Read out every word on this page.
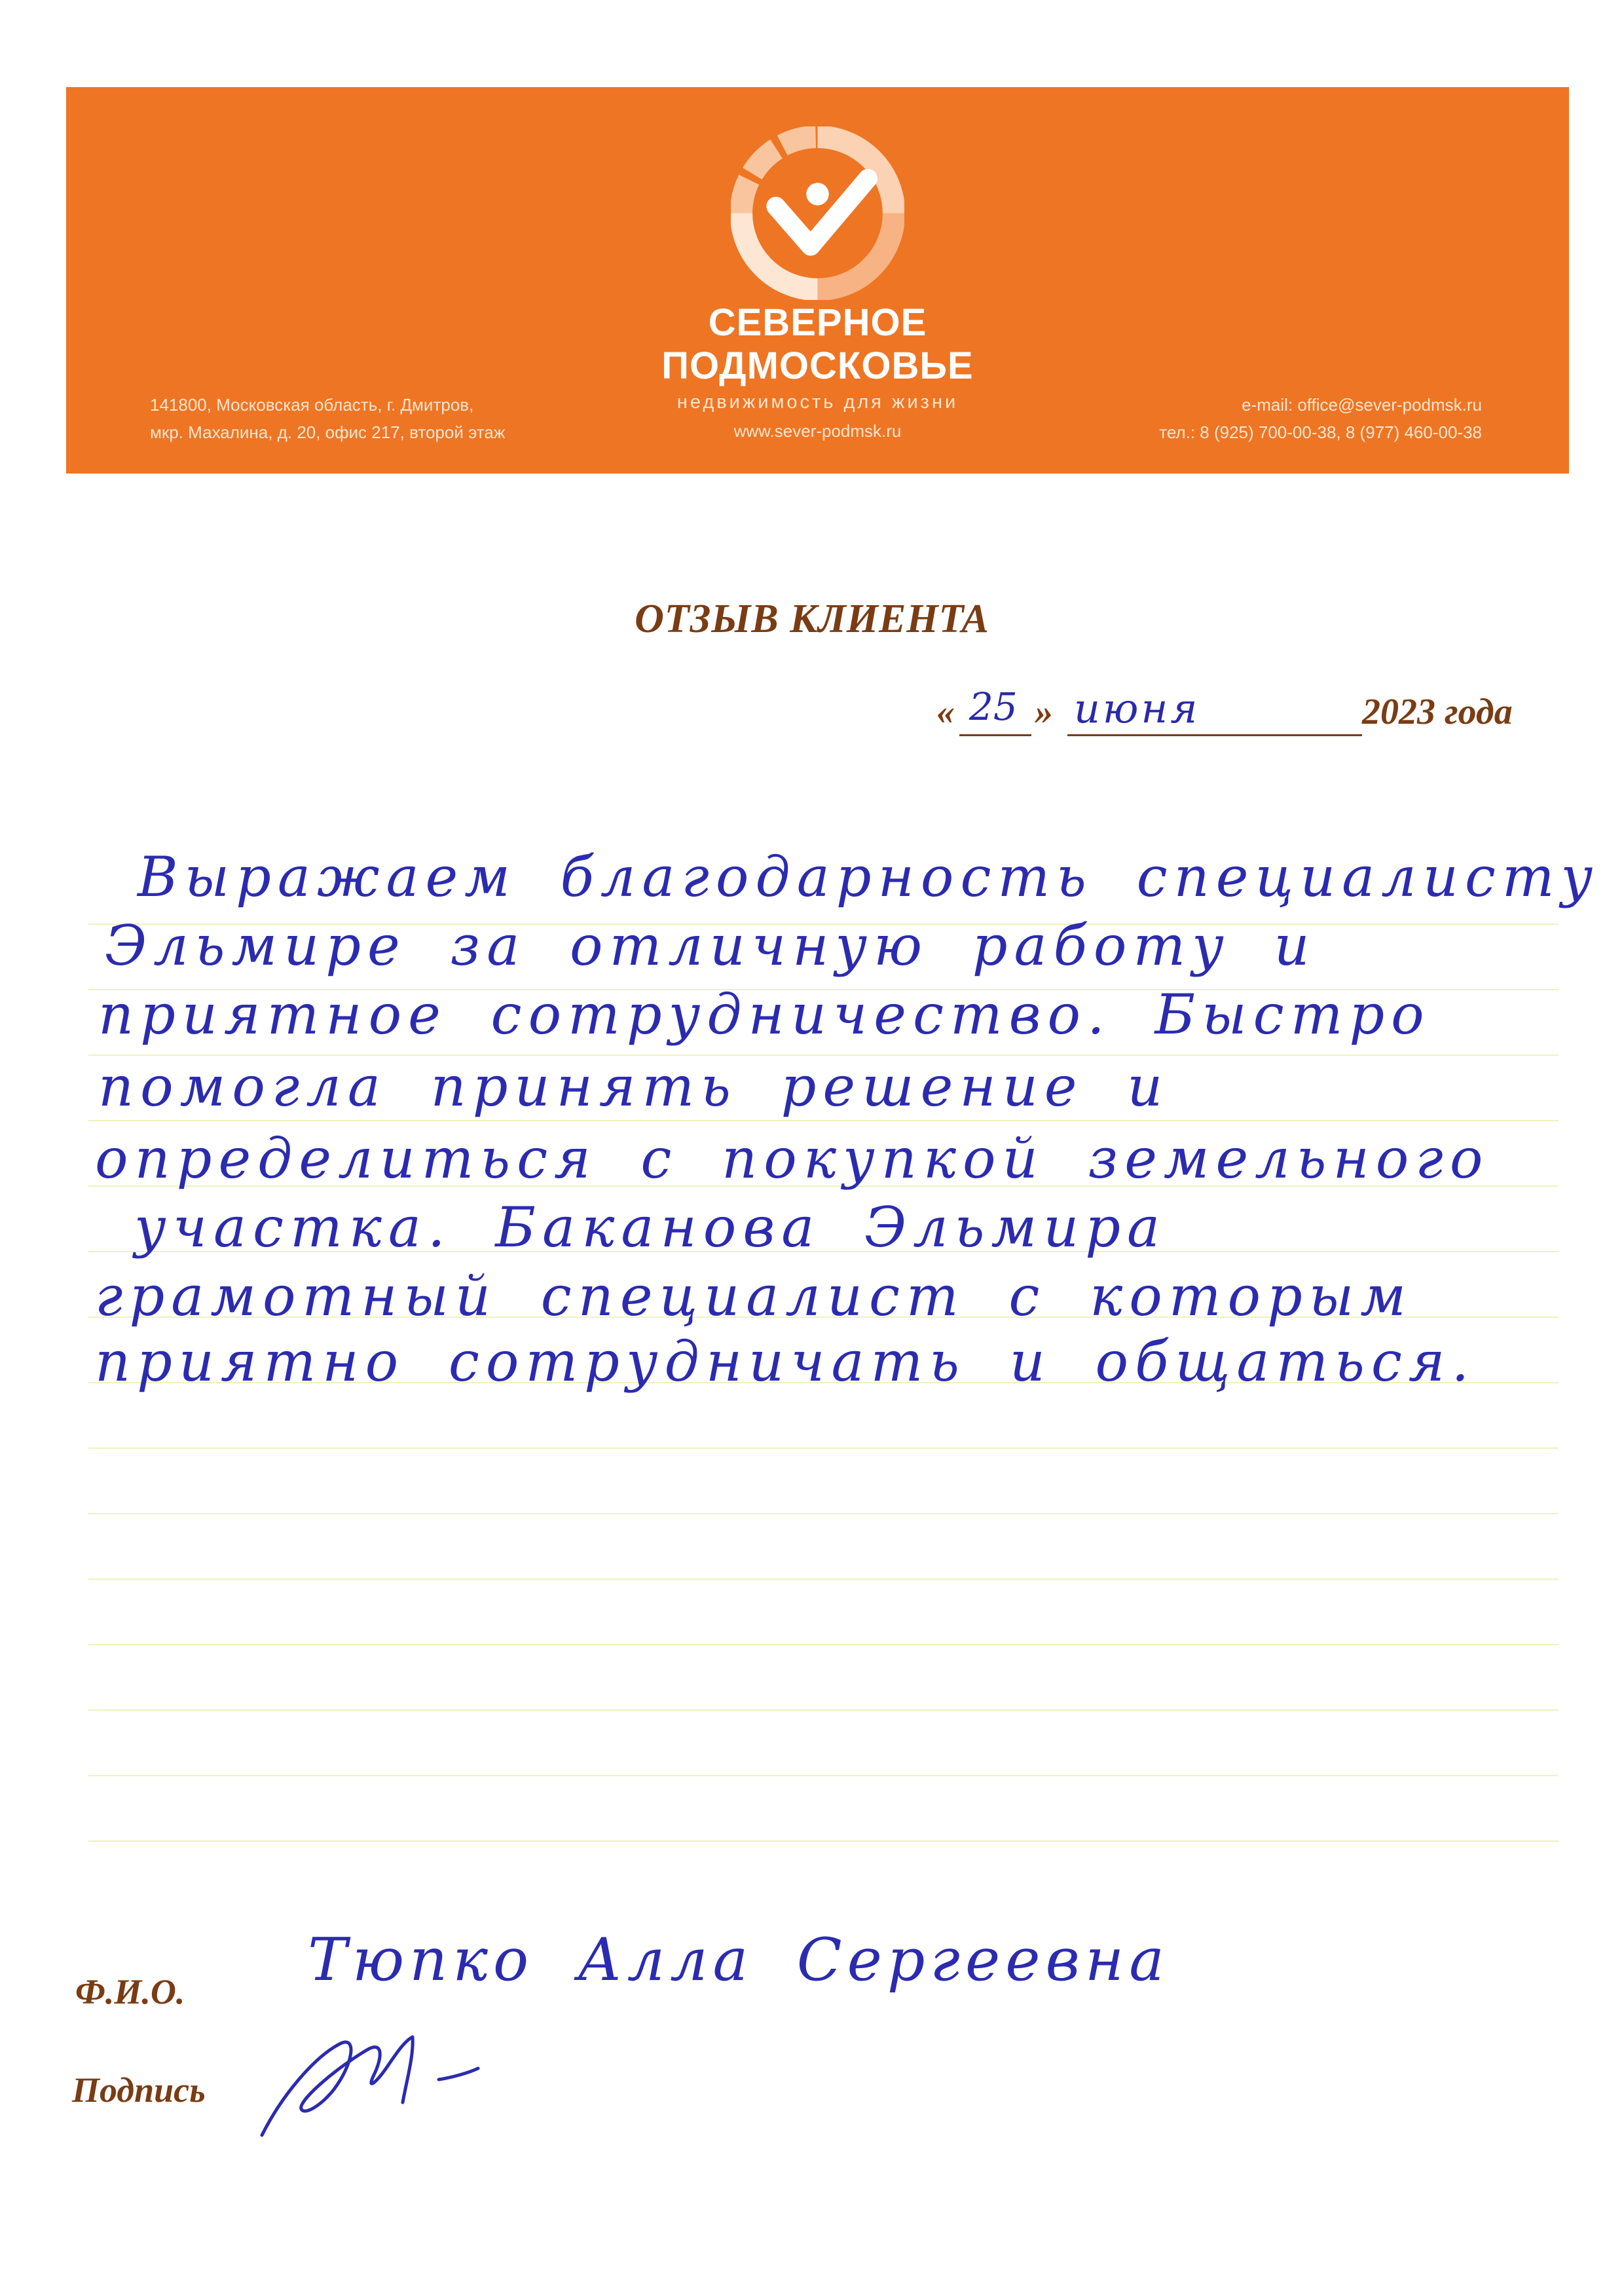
СЕВЕРНОЕ
ПОДМОСКОВЬЕ
недвижимость для жизни
www.sever-podmsk.ru
141800, Московская область, г. Дмитров,
мкр. Махалина, д. 20, офис 217, второй этаж
e-mail: office@sever-podmsk.ru
тел.: 8 (925) 700-00-38, 8 (977) 460-00-38
ОТЗЫВ КЛИЕНТА
« 25 » июня	2023 года
Выражаем благодарность специалисту
Эльмире за отличную работу и
приятное сотрудничество. Быстро
помогла принять решение и
определиться с покупкой земельного
участка. Баканова Эльмира
грамотный специалист с которым
приятно сотрудничать и общаться.
Ф.И.О. Тюпко Алла Сергеевна
Подпись
